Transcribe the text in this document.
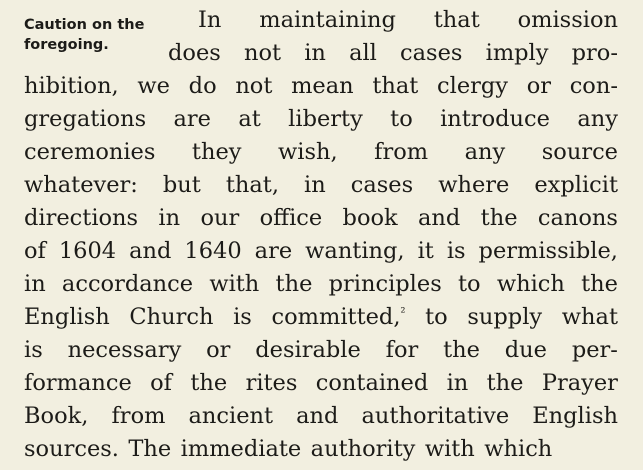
Caution on the
foregoing.
In maintaining that omission
does not in all cases imply pro-
hibition, we do not mean that clergy or con-
gregations are at liberty to introduce any
ceremonies they wish, from any source
whatever: but that, in cases where explicit
directions in our office book and the canons
of 1604 and 1640 are wanting, it is permissible,
in accordance with the principles to which the
English Church is committed,$^{^2}$ to supply what
is necessary or desirable for the due per-
formance of the rites contained in the Prayer
Book, from ancient and authoritative English
sources. The immediate authority with which
